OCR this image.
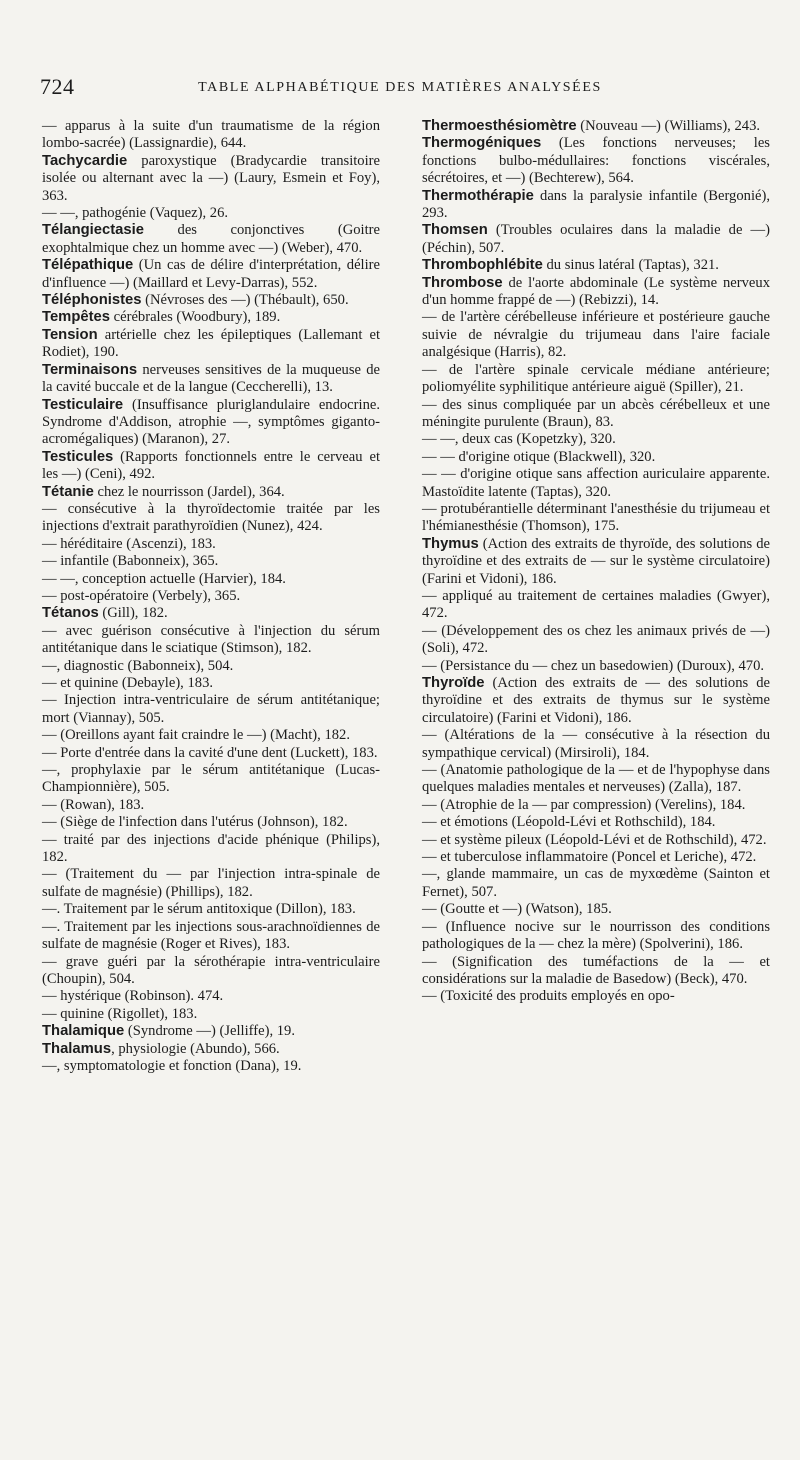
724	TABLE ALPHABÉTIQUE DES MATIÈRES ANALYSÉES
— apparus à la suite d'un traumatisme de la région lombo-sacrée) (Lassignardie), 644.
Tachycardie paroxystique (Bradycardie transitoire isolée ou alternant avec la —) (Laury, Esmein et Foy), 363.
— —, pathogénie (Vaquez), 26.
Télangiectasie des conjonctives (Goitre exophtalmique chez un homme avec —) (Weber), 470.
Télépathique (Un cas de délire d'interprétation, délire d'influence —) (Maillard et Levy-Darras), 552.
Téléphonistes (Névroses des —) (Thébault), 650.
Tempêtes cérébrales (Woodbury), 189.
Tension artérielle chez les épileptiques (Lallemant et Rodiet), 190.
Terminaisons nerveuses sensitives de la muqueuse de la cavité buccale et de la langue (Ceccherelli), 13.
Testiculaire (Insuffisance pluriglandulaire endocrine. Syndrome d'Addison, atrophie —, symptômes giganto-acromégaliques) (Maranon), 27.
Testicules (Rapports fonctionnels entre le cerveau et les —) (Ceni), 492.
Tétanie chez le nourrisson (Jardel), 364.
— consécutive à la thyroïdectomie traitée par les injections d'extrait parathyroïdien (Nunez), 424.
— héréditaire (Ascenzi), 183.
— infantile (Babonneix), 365.
— —, conception actuelle (Harvier), 184.
— post-opératoire (Verbely), 365.
Tétanos (Gill), 182.
— avec guérison consécutive à l'injection du sérum antitétanique dans le sciatique (Stimson), 182.
—, diagnostic (Babonneix), 504.
— et quinine (Debayle), 183.
— Injection intra-ventriculaire de sérum antitétanique; mort (Viannay), 505.
— (Oreillons ayant fait craindre le —) (Macht), 182.
— Porte d'entrée dans la cavité d'une dent (Luckett), 183.
—, prophylaxie par le sérum antitétanique (Lucas-Championnière), 505.
— (Rowan), 183.
— (Siège de l'infection dans l'utérus (Johnson), 182.
— traité par des injections d'acide phénique (Philips), 182.
— (Traitement du — par l'injection intra-spinale de sulfate de magnésie) (Phillips), 182.
—. Traitement par le sérum antitoxique (Dillon), 183.
—. Traitement par les injections sous-arachnoïdiennes de sulfate de magnésie (Roger et Rives), 183.
— grave guéri par la sérothérapie intra-ventriculaire (Choupin), 504.
— hystérique (Robinson). 474.
— quinine (Rigollet), 183.
Thalamique (Syndrome —) (Jelliffe), 19.
Thalamus, physiologie (Abundo), 566.
—, symptomatologie et fonction (Dana), 19.
Thermoesthésiomètre (Nouveau —) (Williams), 243.
Thermogéniques (Les fonctions nerveuses; les fonctions bulbo-médullaires: fonctions viscérales, sécrétoires, et —) (Bechterew), 564.
Thermothérapie dans la paralysie infantile (Bergonié), 293.
Thomsen (Troubles oculaires dans la maladie de —) (Péchin), 507.
Thrombophlébite du sinus latéral (Taptas), 321.
Thrombose de l'aorte abdominale (Le système nerveux d'un homme frappé de —) (Rebizzi), 14.
— de l'artère cérébelleuse inférieure et postérieure gauche suivie de névralgie du trijumeau dans l'aire faciale analgésique (Harris), 82.
— de l'artère spinale cervicale médiane antérieure; poliomyélite syphilitique antérieure aiguë (Spiller), 21.
— des sinus compliquée par un abcès cérébelleux et une méningite purulente (Braun), 83.
— —, deux cas (Kopetzky), 320.
— — d'origine otique (Blackwell), 320.
— — d'origine otique sans affection auriculaire apparente. Mastoïdite latente (Taptas), 320.
— protubérantielle déterminant l'anesthésie du trijumeau et l'hémianesthésie (Thomson), 175.
Thymus (Action des extraits de thyroïde, des solutions de thyroïdine et des extraits de — sur le système circulatoire) (Farini et Vidoni), 186.
— appliqué au traitement de certaines maladies (Gwyer), 472.
— (Développement des os chez les animaux privés de —) (Soli), 472.
— (Persistance du — chez un basedowien) (Duroux), 470.
Thyroïde (Action des extraits de — des solutions de thyroïdine et des extraits de thymus sur le système circulatoire) (Farini et Vidoni), 186.
— (Altérations de la — consécutive à la résection du sympathique cervical) (Mirsiroli), 184.
— (Anatomie pathologique de la — et de l'hypophyse dans quelques maladies mentales et nerveuses) (Zalla), 187.
— (Atrophie de la — par compression) (Verelins), 184.
— et émotions (Léopold-Lévi et Rothschild), 184.
— et système pileux (Léopold-Lévi et de Rothschild), 472.
— et tuberculose inflammatoire (Poncel et Leriche), 472.
—, glande mammaire, un cas de myxœdème (Sainton et Fernet), 507.
— (Goutte et —) (Watson), 185.
— (Influence nocive sur le nourrisson des conditions pathologiques de la — chez la mère) (Spolverini), 186.
— (Signification des tuméfactions de la — et considérations sur la maladie de Basedow) (Beck), 470.
— (Toxicité des produits employés en opo-
